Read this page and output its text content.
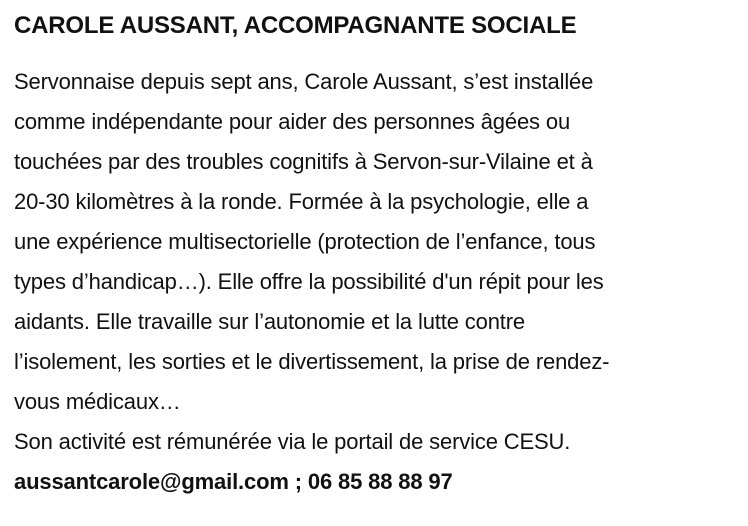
CAROLE AUSSANT, ACCOMPAGNANTE SOCIALE
Servonnaise depuis sept ans, Carole Aussant, s’est installée
comme indépendante pour aider des personnes âgées ou
touchées par des troubles cognitifs à Servon-sur-Vilaine et à
20-30 kilomètres à la ronde. Formée à la psychologie, elle a
une expérience multisectorielle (protection de l’enfance, tous
types d’handicap…). Elle offre la possibilité d'un répit pour les
aidants. Elle travaille sur l’autonomie et la lutte contre
l’isolement, les sorties et le divertissement, la prise de rendez-
vous médicaux…
Son activité est rémunérée via le portail de service CESU.
aussantcarole@gmail.com ; 06 85 88 88 97
